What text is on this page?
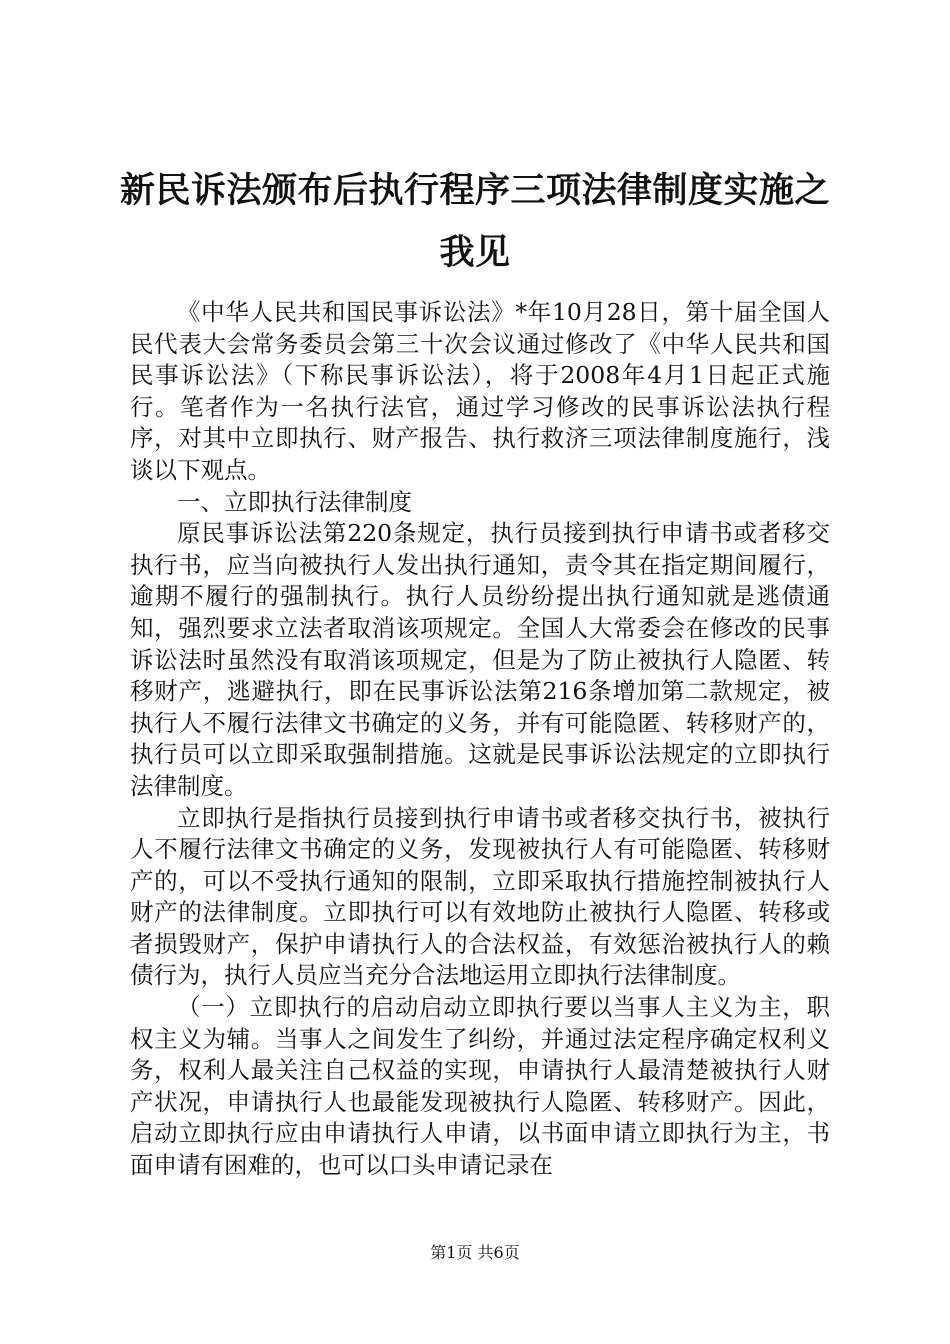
新民诉法颁布后执行程序三项法律制度实施之我见

《中华人民共和国民事诉讼法》*年10月28日，第十届全国人民代表大会常务委员会第三十次会议通过修改了《中华人民共和国民事诉讼法》（下称民事诉讼法），将于2008年4月1日起正式施行。笔者作为一名执行法官，通过学习修改的民事诉讼法执行程序，对其中立即执行、财产报告、执行救济三项法律制度施行，浅谈以下观点。

一、立即执行法律制度

原民事诉讼法第220条规定，执行员接到执行申请书或者移交执行书，应当向被执行人发出执行通知，责令其在指定期间履行，逾期不履行的强制执行。执行人员纷纷提出执行通知就是逃债通知，强烈要求立法者取消该项规定。全国人大常委会在修改的民事诉讼法时虽然没有取消该项规定，但是为了防止被执行人隐匿、转移财产，逃避执行，即在民事诉讼法第216条增加第二款规定，被执行人不履行法律文书确定的义务，并有可能隐匿、转移财产的，执行员可以立即采取强制措施。这就是民事诉讼法规定的立即执行法律制度。

立即执行是指执行员接到执行申请书或者移交执行书，被执行人不履行法律文书确定的义务，发现被执行人有可能隐匿、转移财产的，可以不受执行通知的限制，立即采取执行措施控制被执行人财产的法律制度。立即执行可以有效地防止被执行人隐匿、转移或者损毁财产，保护申请执行人的合法权益，有效惩治被执行人的赖债行为，执行人员应当充分合法地运用立即执行法律制度。

（一）立即执行的启动启动立即执行要以当事人主义为主，职权主义为辅。当事人之间发生了纠纷，并通过法定程序确定权利义务，权利人最关注自己权益的实现，申请执行人最清楚被执行人财产状况，申请执行人也最能发现被执行人隐匿、转移财产。因此，启动立即执行应由申请执行人申请，以书面申请立即执行为主，书面申请有困难的，也可以口头申请记录在

第1页 共6页
